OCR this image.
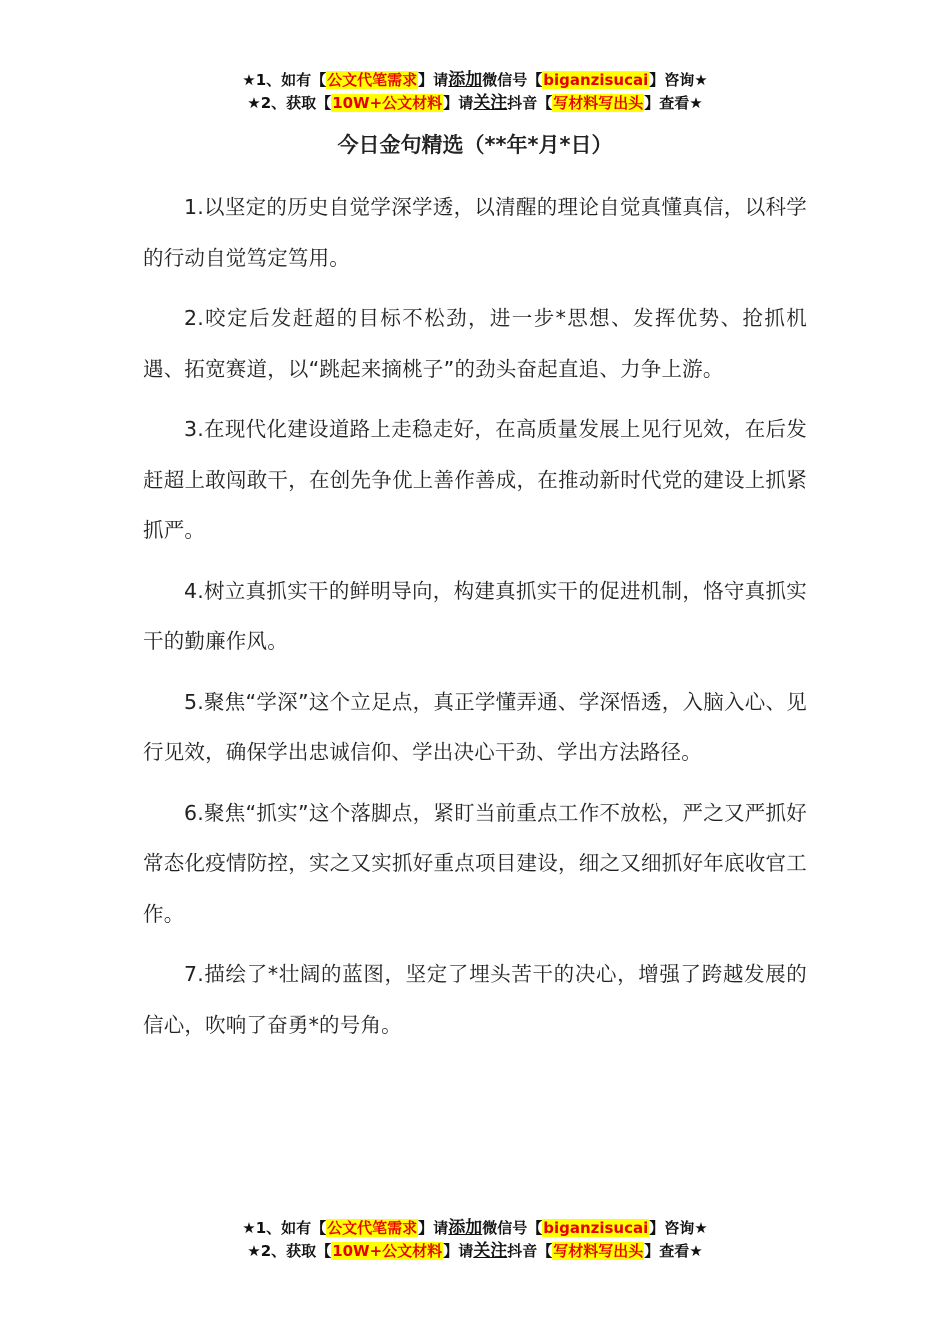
★1、如有【公文代笔需求】请添加微信号【biganzisucai】咨询★
★2、获取【10W+公文材料】请关注抖音【写材料写出头】查看★
今日金句精选（**年*月*日）

1.以坚定的历史自觉学深学透，以清醒的理论自觉真懂真信，以科学的行动自觉笃定笃用。

2.咬定后发赶超的目标不松劲，进一步*思想、发挥优势、抢抓机遇、拓宽赛道，以“跳起来摘桃子”的劲头奋起直追、力争上游。

3.在现代化建设道路上走稳走好，在高质量发展上见行见效，在后发赶超上敢闯敢干，在创先争优上善作善成，在推动新时代党的建设上抓紧抓严。

4.树立真抓实干的鲜明导向，构建真抓实干的促进机制，恪守真抓实干的勤廉作风。

5.聚焦“学深”这个立足点，真正学懂弄通、学深悟透，入脑入心、见行见效，确保学出忠诚信仰、学出决心干劲、学出方法路径。

6.聚焦“抓实”这个落脚点，紧盯当前重点工作不放松，严之又严抓好常态化疫情防控，实之又实抓好重点项目建设，细之又细抓好年底收官工作。

7.描绘了*壮阔的蓝图，坚定了埋头苦干的决心，增强了跨越发展的信心，吹响了奋勇*的号角。

★1、如有【公文代笔需求】请添加微信号【biganzisucai】咨询★
★2、获取【10W+公文材料】请关注抖音【写材料写出头】查看★
